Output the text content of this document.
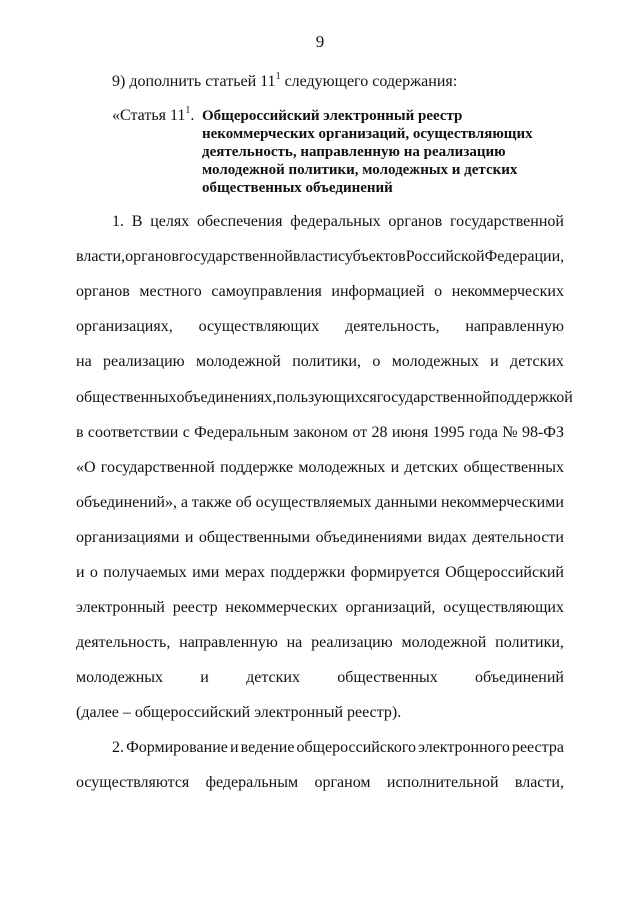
9
9) дополнить статьей $11^1$ следующего содержания:
«Статья $11^1$. Общероссийский электронный реестр
некоммерческих организаций, осуществляющих
деятельность, направленную на реализацию
молодежной политики, молодежных и детских
общественных объединений
1. В целях обеспечения федеральных органов государственной
власти, органов государственной власти субъектов Российской Федерации,
органов местного самоуправления информацией о некоммерческих
организациях, осуществляющих деятельность, направленную
на реализацию молодежной политики, о молодежных и детских
общественных объединениях, пользующихся государственной поддержкой
в соответствии с Федеральным законом от 28 июня 1995 года № 98-ФЗ
«О государственной поддержке молодежных и детских общественных
объединений», а также об осуществляемых данными некоммерческими
организациями и общественными объединениями видах деятельности
и о получаемых ими мерах поддержки формируется Общероссийский
электронный реестр некоммерческих организаций, осуществляющих
деятельность, направленную на реализацию молодежной политики,
молодежных и детских общественных объединений
(далее – общероссийский электронный реестр).
2. Формирование и ведение общероссийского электронного реестра
осуществляются федеральным органом исполнительной власти,
